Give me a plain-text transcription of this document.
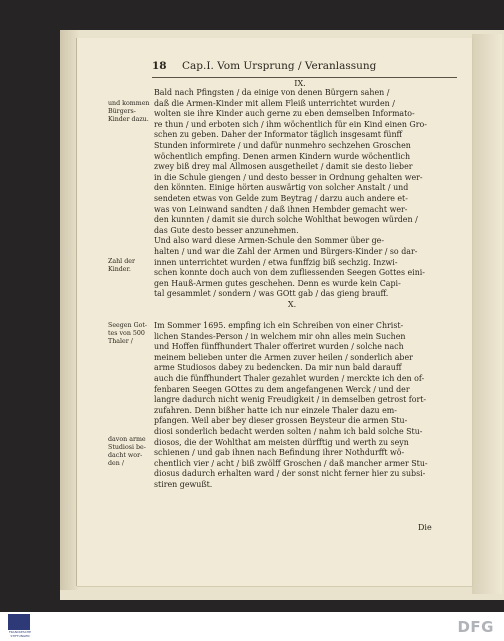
18 Cap.I. Vom Ursprung / Veranlassung
IX.
Bald nach Pfingsten / da einige von denen Bürgern sahen /
daß die Armen-Kinder mit allem Fleiß unterrichtet wurden /
wolten sie ihre Kinder auch gerne zu eben demselben Informato-
re thun / und erboten sich / ihm wöchentlich für ein Kind einen Gro-
schen zu geben. Daher der Informator täglich insgesamt fünff
Stunden informirete / und dafür nunmehro sechzehen Groschen
wöchentlich empfing. Denen armen Kindern wurde wöchentlich
zwey biß drey mal Allmosen ausgetheilet / damit sie desto lieber
in die Schule giengen / und desto besser in Ordnung gehalten wer-
den könnten. Einige hörten auswärtig von solcher Anstalt / und
sendeten etwas von Gelde zum Beytrag / darzu auch andere et-
was von Leinwand sandten / daß ihnen Hembder gemacht wer-
den kunnten / damit sie durch solche Wohlthat bewogen würden /
das Gute desto besser anzunehmen.
Und also ward diese Armen-Schule den Sommer über ge-
halten / und war die Zahl der Armen und Bürgers-Kinder / so dar-
innen unterrichtet wurden / etwa funffzig biß sechzig. Inzwi-
schen konnte doch auch von dem zufliessenden Seegen Gottes eini-
gen Hauß-Armen gutes geschehen. Denn es wurde kein Capi-
tal gesammlet / sondern / was GOtt gab / das gieng brauff.
X.
Im Sommer 1695. empfing ich ein Schreiben von einer Christ-
lichen Standes-Person / in welchem mir ohn alles mein Suchen
und Hoffen fünffhundert Thaler offeriret wurden / solche nach
meinem belieben unter die Armen zuver heilen / sonderlich aber
arme Studiosos dabey zu bedencken. Da mir nun bald darauff
auch die fünffhundert Thaler gezahlet wurden / merckte ich den of-
fenbaren Seegen GOttes zu dem angefangenen Werck / und der
langre dadurch nicht wenig Freudigkeit / in demselben getrost fort-
zufahren. Denn bißher hatte ich nur einzele Thaler dazu em-
pfangen. Weil aber bey dieser grossen Beysteur die armen Stu-
diosi sonderlich bedacht werden solten / nahm ich bald solche Stu-
diosos, die der Wohlthat am meisten dürfftig und werth zu seyn
schienen / und gab ihnen nach Befindung ihrer Nothdurfft wö-
chentlich vier / acht / biß zwölff Groschen / daß mancher armer Stu-
diosus dadurch erhalten ward / der sonst nicht ferner hier zu subsi-
stiren gewußt.
und kommen
Bürgers-
Kinder dazu.
Zahl der
Kinder.
Seegen Got-
tes von 500
Thaler /
davon arme
Studiosi be-
dacht wor-
den /
Die
FRANCKESCHE STIFTUNGEN	DFG
